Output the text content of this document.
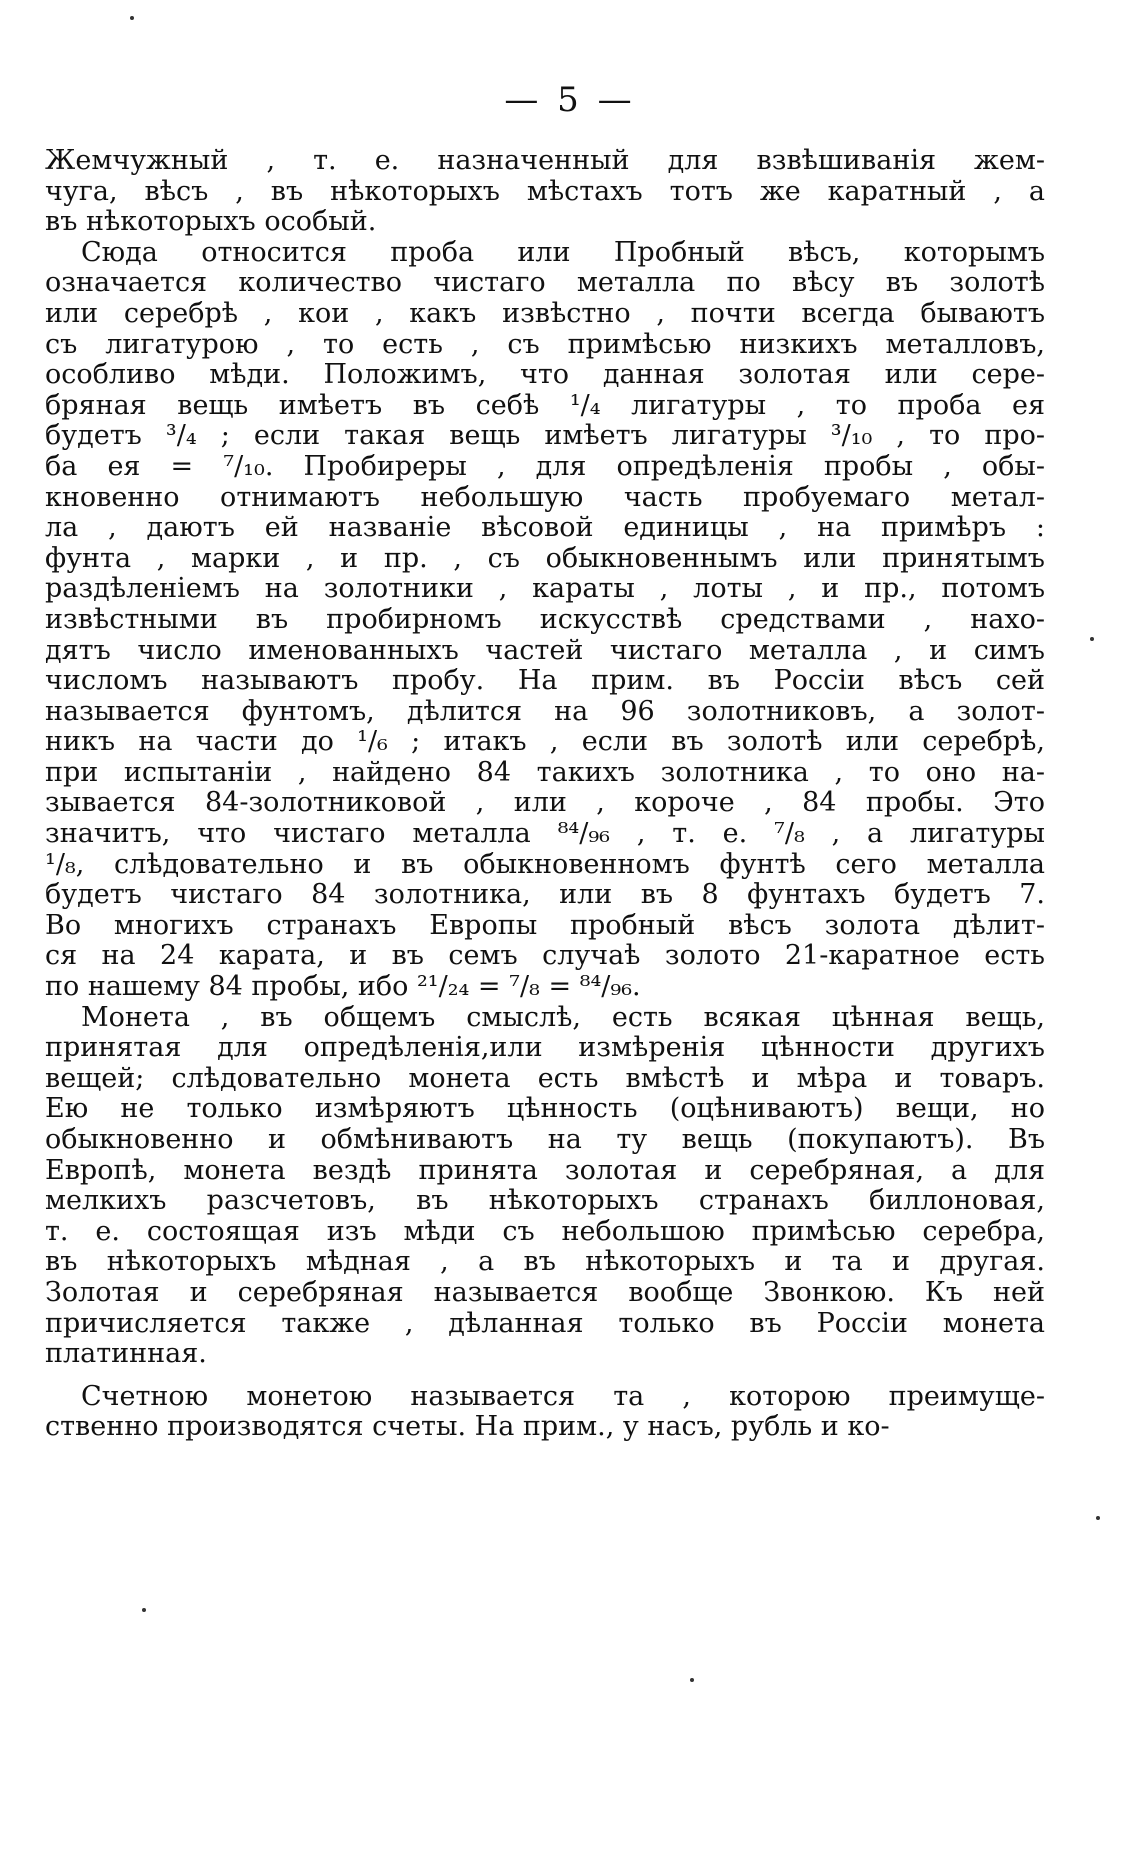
— 5 —
Жемчужный , т. е. назначенный для взвѣшиванія жем-
чуга, вѣсъ , въ нѣкоторыхъ мѣстахъ тотъ же каратный , а
въ нѣкоторыхъ особый.
Сюда относится проба или Пробный вѣсъ, которымъ
означается количество чистаго металла по вѣсу въ золотѣ
или серебрѣ , кои , какъ извѣстно , почти всегда бываютъ
съ лигатурою , то есть , съ примѣсью низкихъ металловъ,
особливо мѣди. Положимъ, что данная золотая или сере-
бряная вещь имѣетъ въ себѣ ¹/₄ лигатуры , то проба ея
будетъ ³/₄ ; если такая вещь имѣетъ лигатуры ³/₁₀ , то про-
ба ея = ⁷/₁₀. Пробиреры , для опредѣленія пробы , обы-
кновенно отнимаютъ небольшую часть пробуемаго метал-
ла , даютъ ей названіе вѣсовой единицы , на примѣръ :
фунта , марки , и пр. , съ обыкновеннымъ или принятымъ
раздѣленіемъ на золотники , караты , лоты , и пр., потомъ
извѣстными въ пробирномъ искусствѣ средствами , нахо-
дятъ число именованныхъ частей чистаго металла , и симъ
числомъ называютъ пробу. На прим. въ Россіи вѣсъ сей
называется фунтомъ, дѣлится на 96 золотниковъ, а золот-
никъ на части до ¹/₆ ; итакъ , если въ золотѣ или серебрѣ,
при испытаніи , найдено 84 такихъ золотника , то оно на-
зывается 84-золотниковой , или , короче , 84 пробы. Это
значитъ, что чистаго металла ⁸⁴/₉₆ , т. е. ⁷/₈ , а лигатуры
¹/₈, слѣдовательно и въ обыкновенномъ фунтѣ сего металла
будетъ чистаго 84 золотника, или въ 8 фунтахъ будетъ 7.
Во многихъ странахъ Европы пробный вѣсъ золота дѣлит-
ся на 24 карата, и въ семъ случаѣ золото 21-каратное есть
по нашему 84 пробы, ибо ²¹/₂₄ = ⁷/₈ = ⁸⁴/₉₆.
Монета , въ общемъ смыслѣ, есть всякая цѣнная вещь,
принятая для опредѣленія,или измѣренія цѣнности другихъ
вещей; слѣдовательно монета есть вмѣстѣ и мѣра и товаръ.
Ею не только измѣряютъ цѣнность (оцѣниваютъ) вещи, но
обыкновенно и обмѣниваютъ на ту вещь (покупаютъ). Въ
Европѣ, монета вездѣ принята золотая и серебряная, а для
мелкихъ разсчетовъ, въ нѣкоторыхъ странахъ биллоновая,
т. е. состоящая изъ мѣди съ небольшою примѣсью серебра,
въ нѣкоторыхъ мѣдная , а въ нѣкоторыхъ и та и другая.
Золотая и серебряная называется вообще Звонкою. Къ ней
причисляется также , дѣланная только въ Россіи монета
платинная.
Счетною монетою называется та , которою преимуще-
ственно производятся счеты. На прим., у насъ, рубль и ко-
